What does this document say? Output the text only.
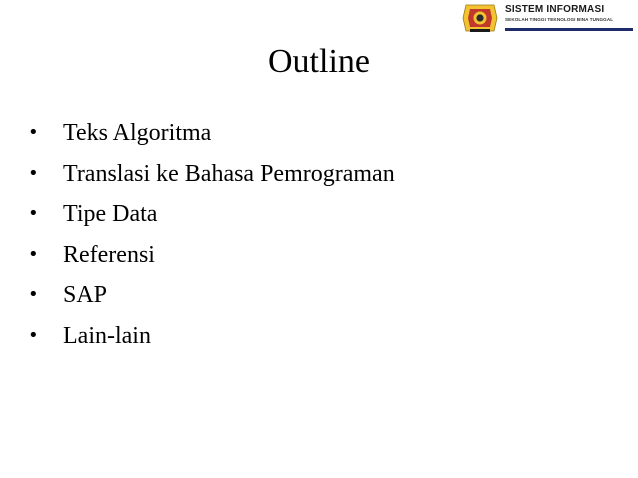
SISTEM INFORMASI
SEKOLAH TINGGI TEKNOLOGI BINA TUNGGAL
Outline
• Teks Algoritma
• Translasi ke Bahasa Pemrograman
• Tipe Data
• Referensi
• SAP
• Lain-lain
